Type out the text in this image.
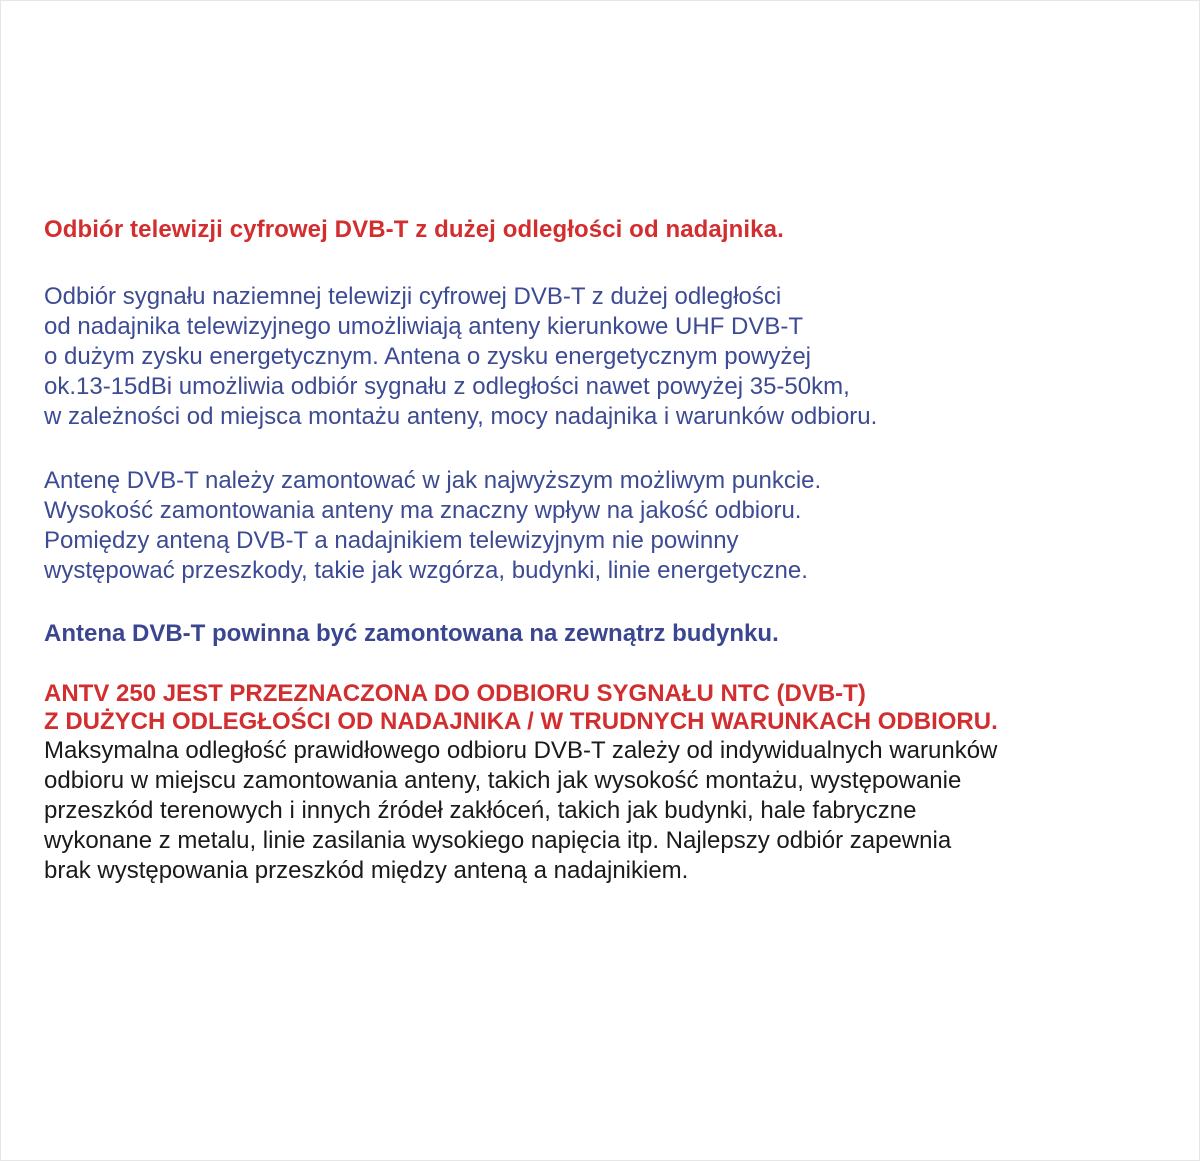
Odbiór telewizji cyfrowej DVB-T z dużej odległości od nadajnika.

Odbiór sygnału naziemnej telewizji cyfrowej DVB-T z dużej odległości
od nadajnika telewizyjnego umożliwiają anteny kierunkowe UHF DVB-T
o dużym zysku energetycznym. Antena o zysku energetycznym powyżej
ok.13-15dBi umożliwia odbiór sygnału z odległości nawet powyżej 35-50km,
w zależności od miejsca montażu anteny, mocy nadajnika i warunków odbioru.

Antenę DVB-T należy zamontować w jak najwyższym możliwym punkcie.
Wysokość zamontowania anteny ma znaczny wpływ na jakość odbioru.
Pomiędzy anteną DVB-T a nadajnikiem telewizyjnym nie powinny
występować przeszkody, takie jak wzgórza, budynki, linie energetyczne.

Antena DVB-T powinna być zamontowana na zewnątrz budynku.

ANTV 250 JEST PRZEZNACZONA DO ODBIORU SYGNAŁU NTC (DVB-T)
Z DUŻYCH ODLEGŁOŚCI OD NADAJNIKA / W TRUDNYCH WARUNKACH ODBIORU.

Maksymalna odległość prawidłowego odbioru DVB-T zależy od indywidualnych warunków
odbioru w miejscu zamontowania anteny, takich jak wysokość montażu, występowanie
przeszkód terenowych i innych źródeł zakłóceń, takich jak budynki, hale fabryczne
wykonane z metalu, linie zasilania wysokiego napięcia itp. Najlepszy odbiór zapewnia
brak występowania przeszkód między anteną a nadajnikiem.
